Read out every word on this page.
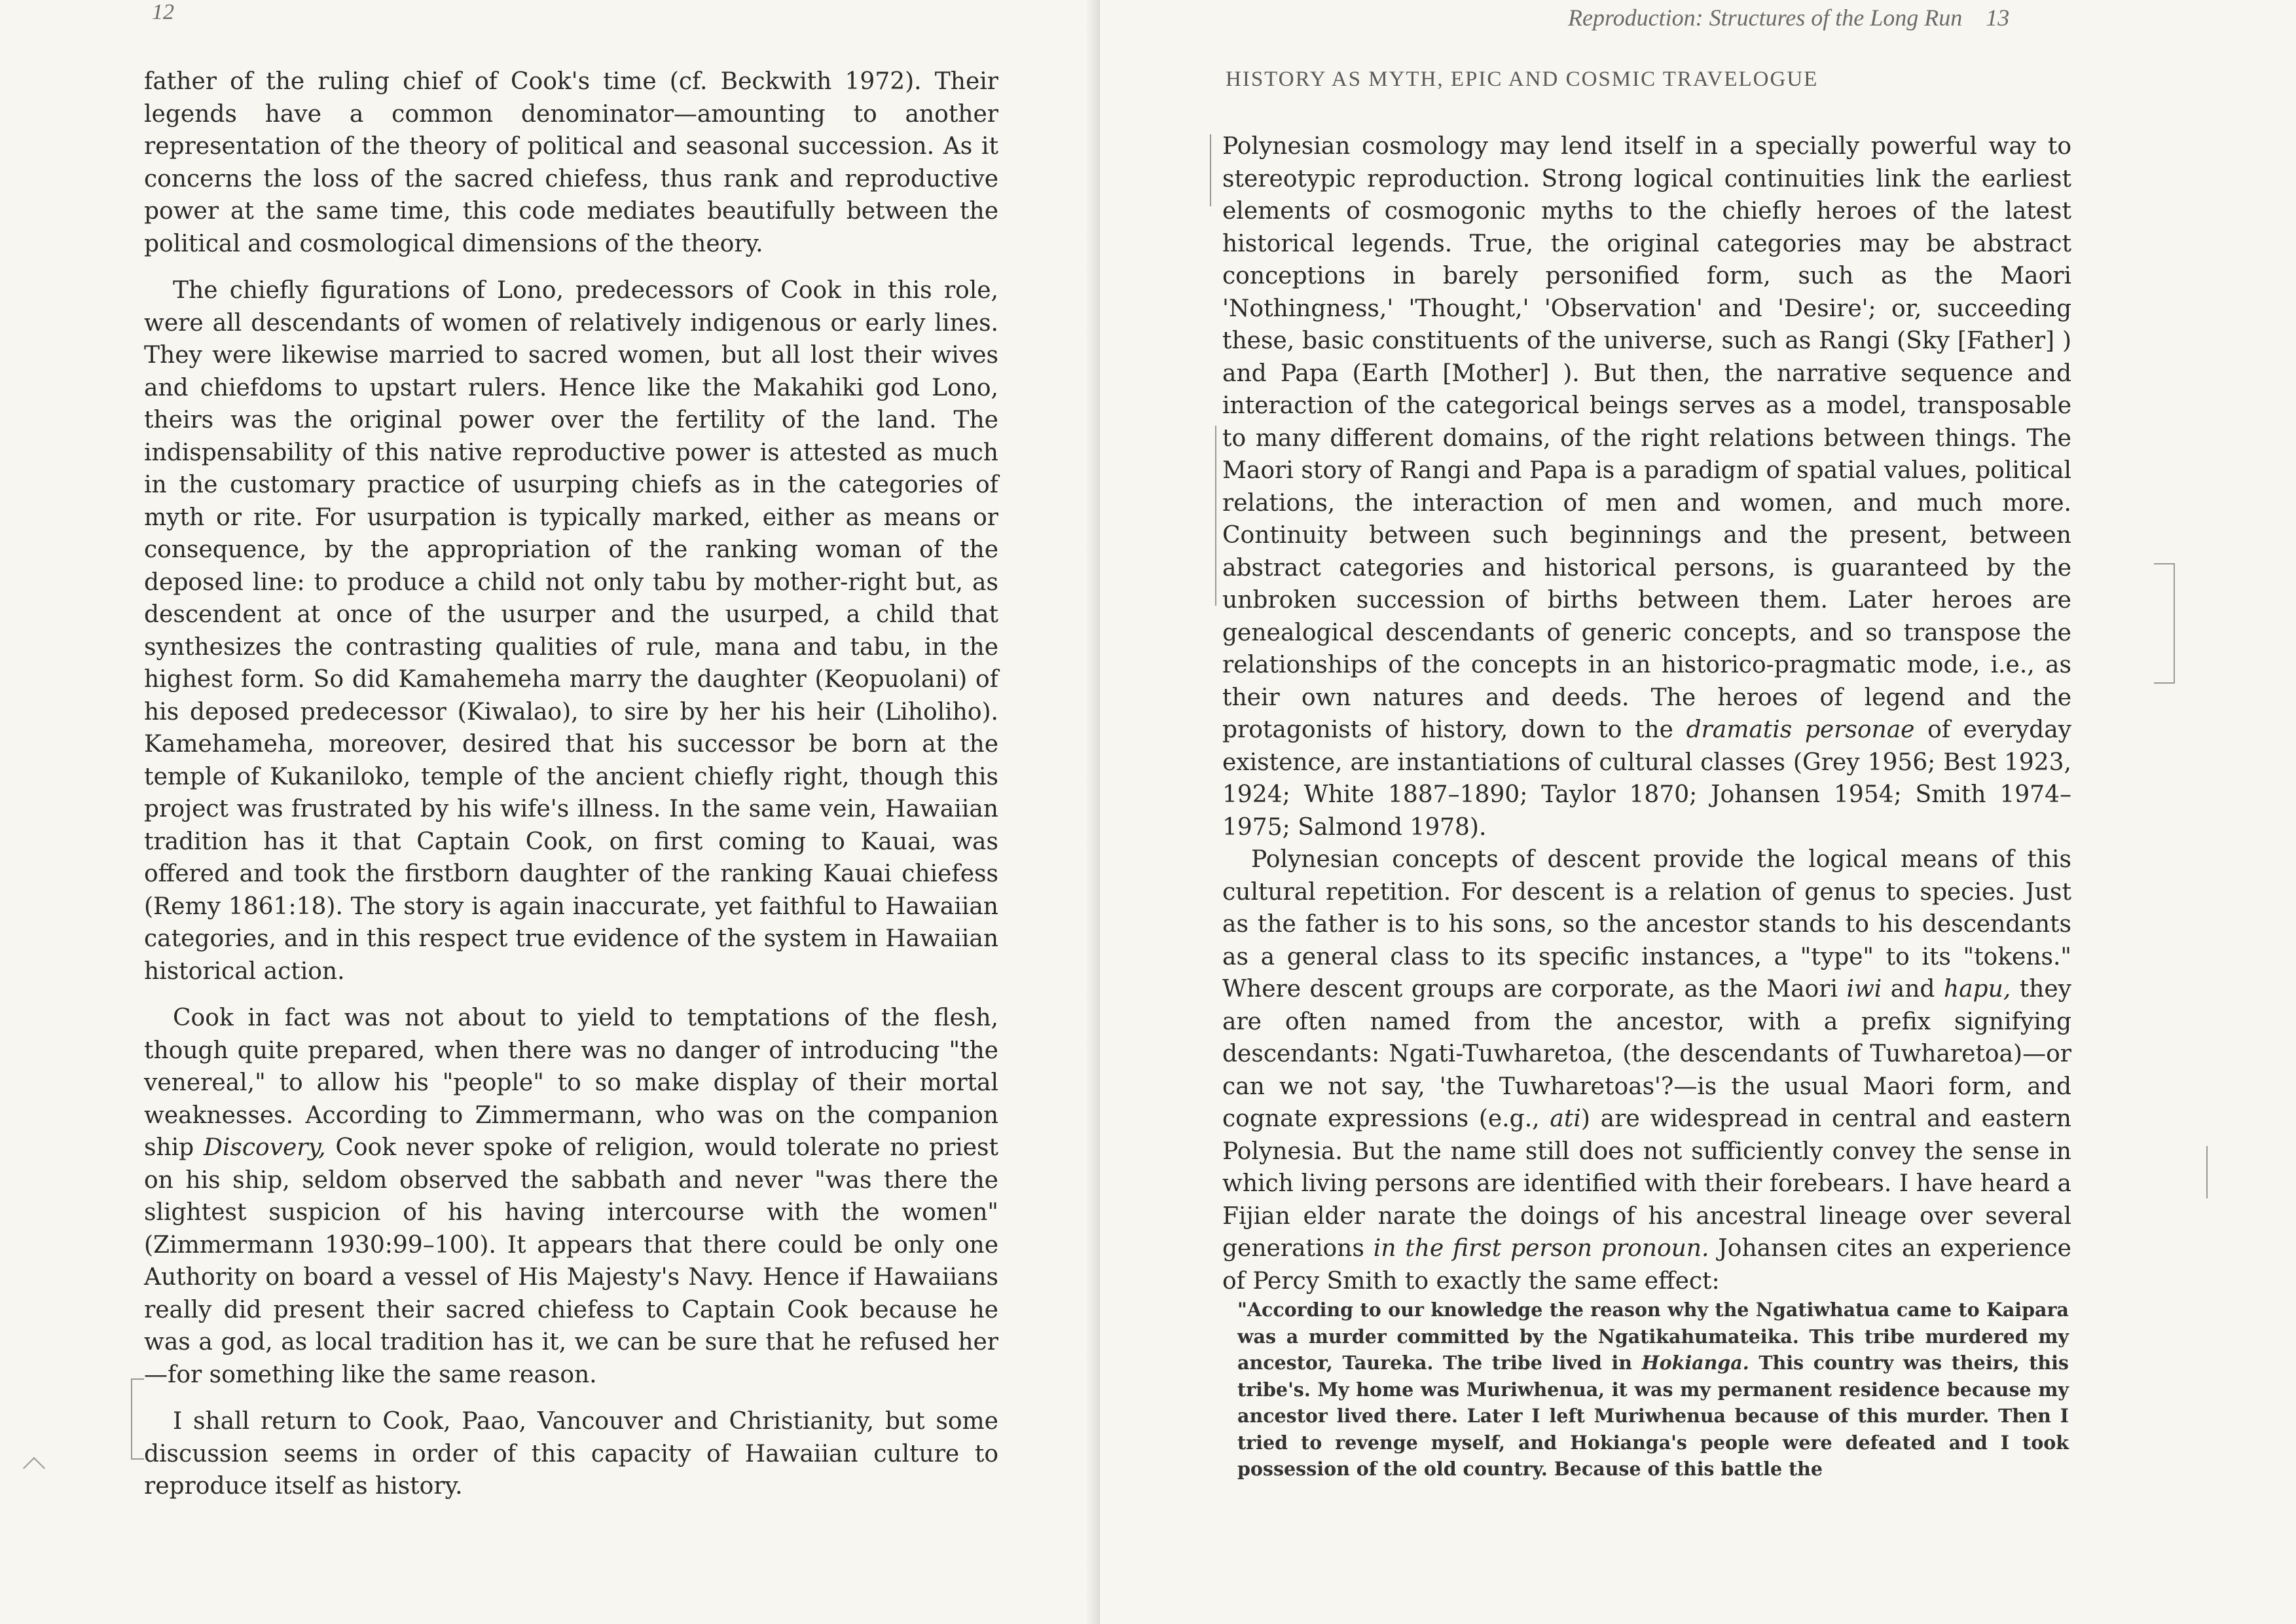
12

father of the ruling chief of Cook's time (cf. Beckwith 1972). Their legends have a common denominator—amounting to another representation of the theory of political and seasonal succession. As it concerns the loss of the sacred chiefess, thus rank and reproductive power at the same time, this code mediates beautifully between the political and cosmological dimensions of the theory.

The chiefly figurations of Lono, predecessors of Cook in this role, were all descendants of women of relatively indigenous or early lines. They were likewise married to sacred women, but all lost their wives and chiefdoms to upstart rulers. Hence like the Makahiki god Lono, theirs was the original power over the fertility of the land. The indispensability of this native reproductive power is attested as much in the customary practice of usurping chiefs as in the categories of myth or rite. For usurpation is typically marked, either as means or consequence, by the appropriation of the ranking woman of the deposed line: to produce a child not only tabu by mother-right but, as descendent at once of the usurper and the usurped, a child that synthesizes the contrasting qualities of rule, mana and tabu, in the highest form. So did Kamahemeha marry the daughter (Keopuolani) of his deposed predecessor (Kiwalao), to sire by her his heir (Liholiho). Kamehameha, moreover, desired that his successor be born at the temple of Kukaniloko, temple of the ancient chiefly right, though this project was frustrated by his wife's illness. In the same vein, Hawaiian tradition has it that Captain Cook, on first coming to Kauai, was offered and took the firstborn daughter of the ranking Kauai chiefess (Remy 1861:18). The story is again inaccurate, yet faithful to Hawaiian categories, and in this respect true evidence of the system in Hawaiian historical action.

Cook in fact was not about to yield to temptations of the flesh, though quite prepared, when there was no danger of introducing "the venereal," to allow his "people" to so make display of their mortal weaknesses. According to Zimmermann, who was on the companion ship Discovery, Cook never spoke of religion, would tolerate no priest on his ship, seldom observed the sabbath and never "was there the slightest suspicion of his having intercourse with the women" (Zimmermann 1930:99–100). It appears that there could be only one Authority on board a vessel of His Majesty's Navy. Hence if Hawaiians really did present their sacred chiefess to Captain Cook because he was a god, as local tradition has it, we can be sure that he refused her—for something like the same reason.

I shall return to Cook, Paao, Vancouver and Christianity, but some discussion seems in order of this capacity of Hawaiian culture to reproduce itself as history.

Reproduction: Structures of the Long Run 13
HISTORY AS MYTH, EPIC AND COSMIC TRAVELOGUE

Polynesian cosmology may lend itself in a specially powerful way to stereotypic reproduction. Strong logical continuities link the earliest elements of cosmogonic myths to the chiefly heroes of the latest historical legends. True, the original categories may be abstract conceptions in barely personified form, such as the Maori 'Nothingness,' 'Thought,' 'Observation' and 'Desire'; or, succeeding these, basic constituents of the universe, such as Rangi (Sky [Father] ) and Papa (Earth [Mother] ). But then, the narrative sequence and interaction of the categorical beings serves as a model, transposable to many different domains, of the right relations between things. The Maori story of Rangi and Papa is a paradigm of spatial values, political relations, the interaction of men and women, and much more. Continuity between such beginnings and the present, between abstract categories and historical persons, is guaranteed by the unbroken succession of births between them. Later heroes are genealogical descendants of generic concepts, and so transpose the relationships of the concepts in an historico-pragmatic mode, i.e., as their own natures and deeds. The heroes of legend and the protagonists of history, down to the dramatis personae of everyday existence, are instantiations of cultural classes (Grey 1956; Best 1923, 1924; White 1887–1890; Taylor 1870; Johansen 1954; Smith 1974–1975; Salmond 1978).

Polynesian concepts of descent provide the logical means of this cultural repetition. For descent is a relation of genus to species. Just as the father is to his sons, so the ancestor stands to his descendants as a general class to its specific instances, a "type" to its "tokens." Where descent groups are corporate, as the Maori iwi and hapu, they are often named from the ancestor, with a prefix signifying descendants: Ngati-Tuwharetoa, (the descendants of Tuwharetoa)—or can we not say, 'the Tuwharetoas'?—is the usual Maori form, and cognate expressions (e.g., ati) are widespread in central and eastern Polynesia. But the name still does not sufficiently convey the sense in which living persons are identified with their forebears. I have heard a Fijian elder narate the doings of his ancestral lineage over several generations in the first person pronoun. Johansen cites an experience of Percy Smith to exactly the same effect:

"According to our knowledge the reason why the Ngatiwhatua came to Kaipara was a murder committed by the Ngatikahumateika. This tribe murdered my ancestor, Taureka. The tribe lived in Hokianga. This country was theirs, this tribe's. My home was Muriwhenua, it was my permanent residence because my ancestor lived there. Later I left Muriwhenua because of this murder. Then I tried to revenge myself, and Hokianga's people were defeated and I took possession of the old country. Because of this battle the
